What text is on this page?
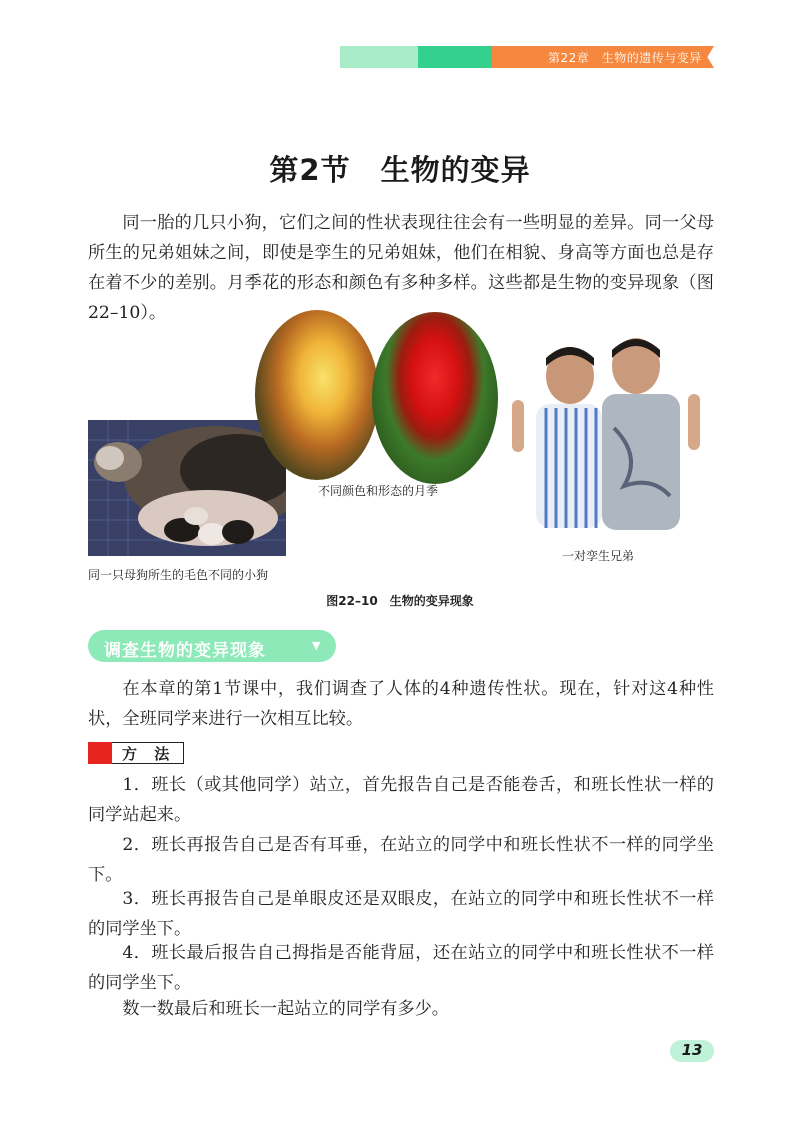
第22章　生物的遗传与变异
第2节　生物的变异
同一胎的几只小狗，它们之间的性状表现往往会有一些明显的差异。同一父母所生的兄弟姐妹之间，即使是孪生的兄弟姐妹，他们在相貌、身高等方面也总是存在着不少的差别。月季花的形态和颜色有多种多样。这些都是生物的变异现象（图22–10）。
同一只母狗所生的毛色不同的小狗
不同颜色和形态的月季
一对孪生兄弟
图22–10　生物的变异现象
调查生物的变异现象	▼
在本章的第1节课中，我们调查了人体的4种遗传性状。现在，针对这4种性状，全班同学来进行一次相互比较。
方 法
1．班长（或其他同学）站立，首先报告自己是否能卷舌，和班长性状一样的同学站起来。
2．班长再报告自己是否有耳垂，在站立的同学中和班长性状不一样的同学坐下。
3．班长再报告自己是单眼皮还是双眼皮，在站立的同学中和班长性状不一样的同学坐下。
4．班长最后报告自己拇指是否能背屈，还在站立的同学中和班长性状不一样的同学坐下。
数一数最后和班长一起站立的同学有多少。
13
